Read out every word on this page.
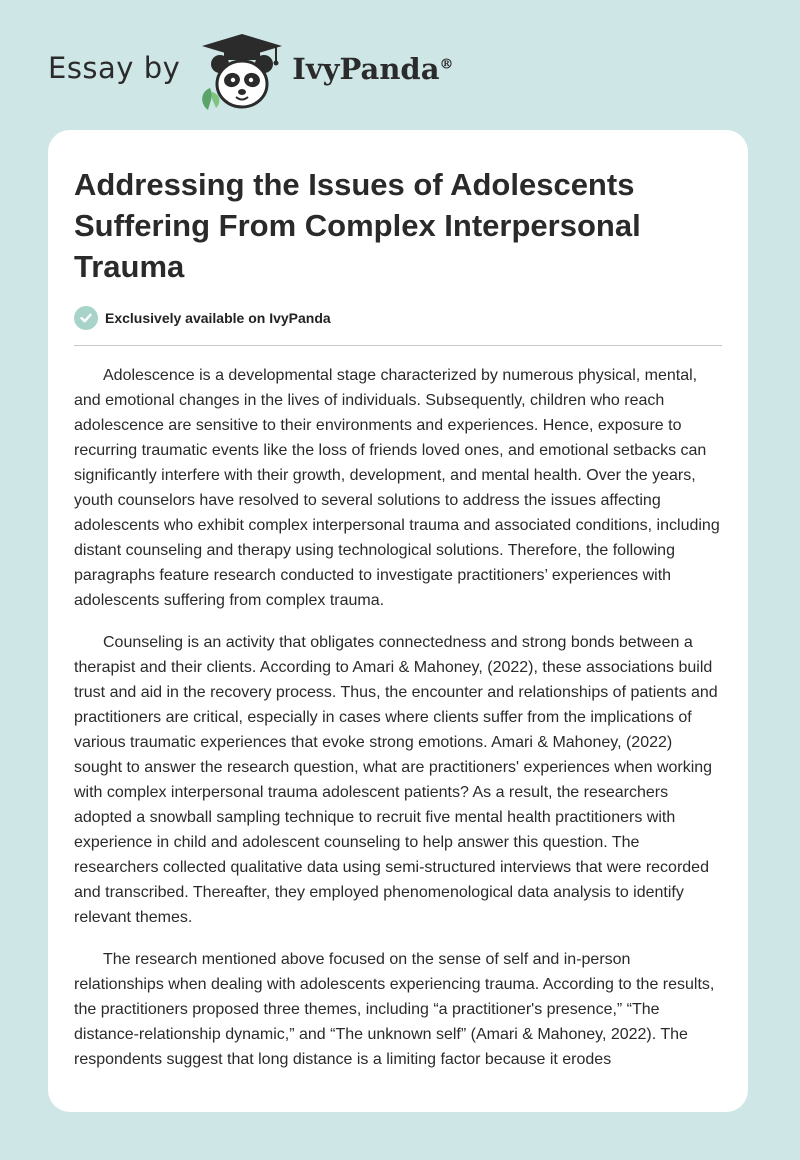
Essay by	IvyPanda®
Addressing the Issues of Adolescents Suffering From Complex Interpersonal Trauma
Exclusively available on IvyPanda

Adolescence is a developmental stage characterized by numerous physical, mental, and emotional changes in the lives of individuals. Subsequently, children who reach adolescence are sensitive to their environments and experiences. Hence, exposure to recurring traumatic events like the loss of friends loved ones, and emotional setbacks can significantly interfere with their growth, development, and mental health. Over the years, youth counselors have resolved to several solutions to address the issues affecting adolescents who exhibit complex interpersonal trauma and associated conditions, including distant counseling and therapy using technological solutions. Therefore, the following paragraphs feature research conducted to investigate practitioners’ experiences with adolescents suffering from complex trauma.

Counseling is an activity that obligates connectedness and strong bonds between a therapist and their clients. According to Amari & Mahoney, (2022), these associations build trust and aid in the recovery process. Thus, the encounter and relationships of patients and practitioners are critical, especially in cases where clients suffer from the implications of various traumatic experiences that evoke strong emotions. Amari & Mahoney, (2022) sought to answer the research question, what are practitioners' experiences when working with complex interpersonal trauma adolescent patients? As a result, the researchers adopted a snowball sampling technique to recruit five mental health practitioners with experience in child and adolescent counseling to help answer this question. The researchers collected qualitative data using semi-structured interviews that were recorded and transcribed. Thereafter, they employed phenomenological data analysis to identify relevant themes.

The research mentioned above focused on the sense of self and in-person relationships when dealing with adolescents experiencing trauma. According to the results, the practitioners proposed three themes, including “a practitioner's presence,” “The distance-relationship dynamic,” and “The unknown self” (Amari & Mahoney, 2022). The respondents suggest that long distance is a limiting factor because it erodes
